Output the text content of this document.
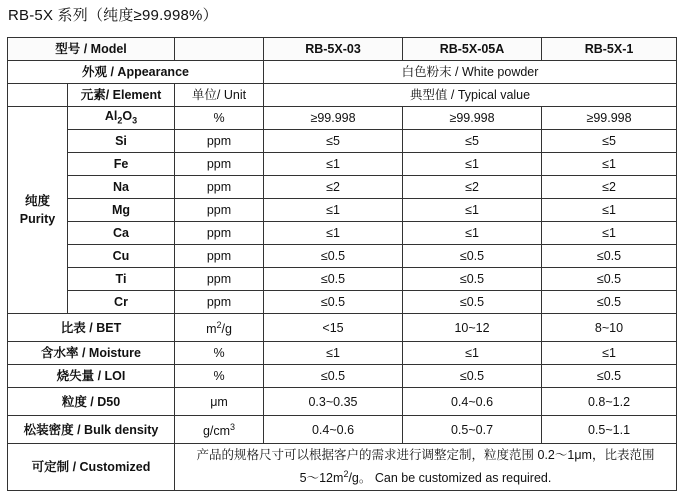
RB-5X 系列（纯度≥99.998%）
型号 / Model			RB-5X-03	RB-5X-05A	RB-5X-1
外观 / Appearance			白色粉末 / White powder		
	元素/ Element	单位/ Unit	典型值 / Typical value		
纯度
Purity	$Al_2O_3$	%	≥99.998	≥99.998	≥99.998
	Si	ppm	≤5	≤5	≤5
	Fe	ppm	≤1	≤1	≤1
	Na	ppm	≤2	≤2	≤2
	Mg	ppm	≤1	≤1	≤1
	Ca	ppm	≤1	≤1	≤1
	Cu	ppm	≤0.5	≤0.5	≤0.5
	Ti	ppm	≤0.5	≤0.5	≤0.5
	Cr	ppm	≤0.5	≤0.5	≤0.5
比表 / BET		$m^2/g$	<15	10~12	8~10
含水率 / Moisture		%	≤1	≤1	≤1
烧失量 / LOI		%	≤0.5	≤0.5	≤0.5
粒度 / D50		μm	0.3~0.35	0.4~0.6	0.8~1.2
松装密度 / Bulk density		$g/cm^3$	0.4~0.6	0.5~0.7	0.5~1.1
可定制 / Customized		产品的规格尺寸可以根据客户的需求进行调整定制，粒度范围 0.2～1μm，比表范围
$5\sim 12m^2/g$。 Can be customized as required.			
